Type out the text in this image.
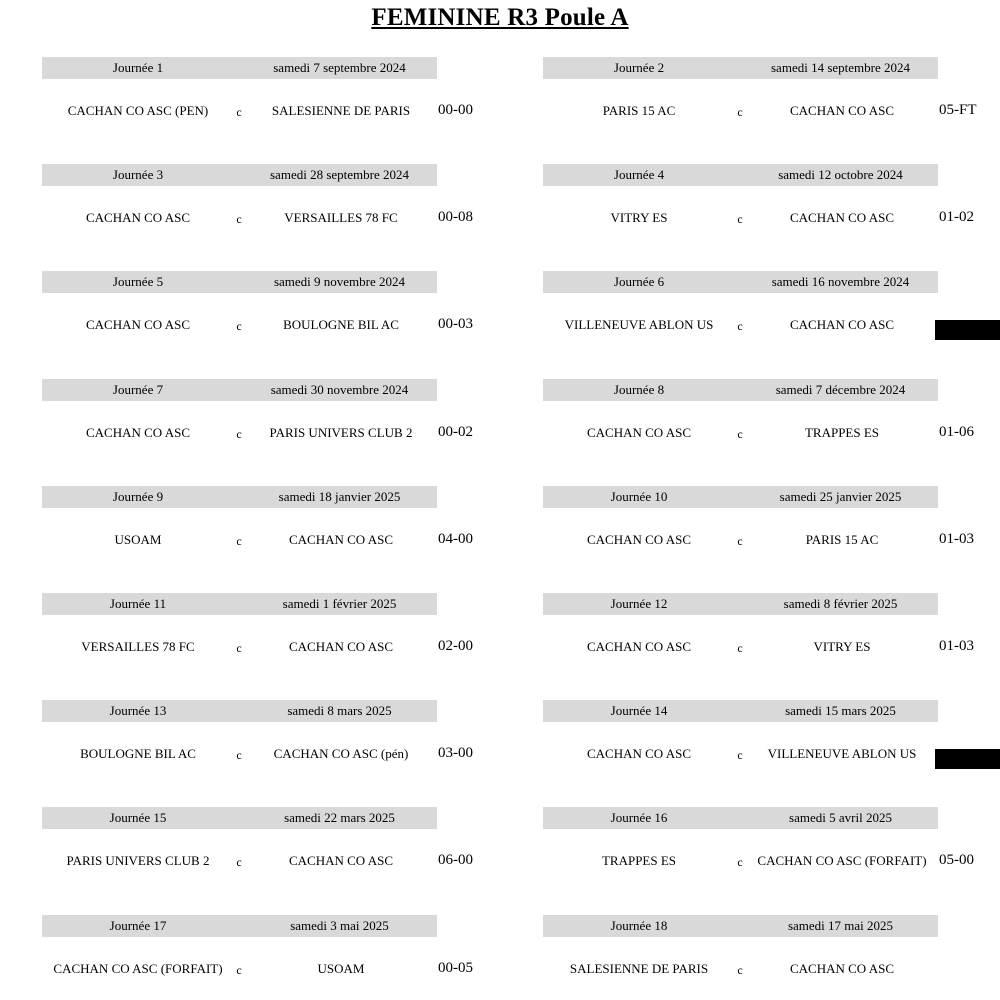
FEMININE R3 Poule A
Journée 1	samedi 7 septembre 2024
CACHAN CO ASC (PEN)	c	SALESIENNE DE PARIS	00-00
Journée 2	samedi 14 septembre 2024
PARIS 15 AC	c	CACHAN CO ASC	05-FT
Journée 3	samedi 28 septembre 2024
CACHAN CO ASC	c	VERSAILLES 78 FC	00-08
Journée 4	samedi 12 octobre 2024
VITRY ES	c	CACHAN CO ASC	01-02
Journée 5	samedi 9 novembre 2024
CACHAN CO ASC	c	BOULOGNE BIL AC	00-03
Journée 6	samedi 16 novembre 2024
VILLENEUVE ABLON US	c	CACHAN CO ASC
Journée 7	samedi 30 novembre 2024
CACHAN CO ASC	c	PARIS UNIVERS CLUB 2	00-02
Journée 8	samedi 7 décembre 2024
CACHAN CO ASC	c	TRAPPES ES	01-06
Journée 9	samedi 18 janvier 2025
USOAM	c	CACHAN CO ASC	04-00
Journée 10	samedi 25 janvier 2025
CACHAN CO ASC	c	PARIS 15 AC	01-03
Journée 11	samedi 1 février 2025
VERSAILLES 78 FC	c	CACHAN CO ASC	02-00
Journée 12	samedi 8 février 2025
CACHAN CO ASC	c	VITRY ES	01-03
Journée 13	samedi 8 mars 2025
BOULOGNE BIL AC	c	CACHAN CO ASC (pén)	03-00
Journée 14	samedi 15 mars 2025
CACHAN CO ASC	c	VILLENEUVE ABLON US
Journée 15	samedi 22 mars 2025
PARIS UNIVERS CLUB 2	c	CACHAN CO ASC	06-00
Journée 16	samedi 5 avril 2025
TRAPPES ES	c	CACHAN CO ASC (FORFAIT) 05-00
Journée 17	samedi 3 mai 2025
CACHAN CO ASC (FORFAIT)	c	USOAM	00-05
Journée 18	samedi 17 mai 2025
SALESIENNE DE PARIS	c	CACHAN CO ASC
